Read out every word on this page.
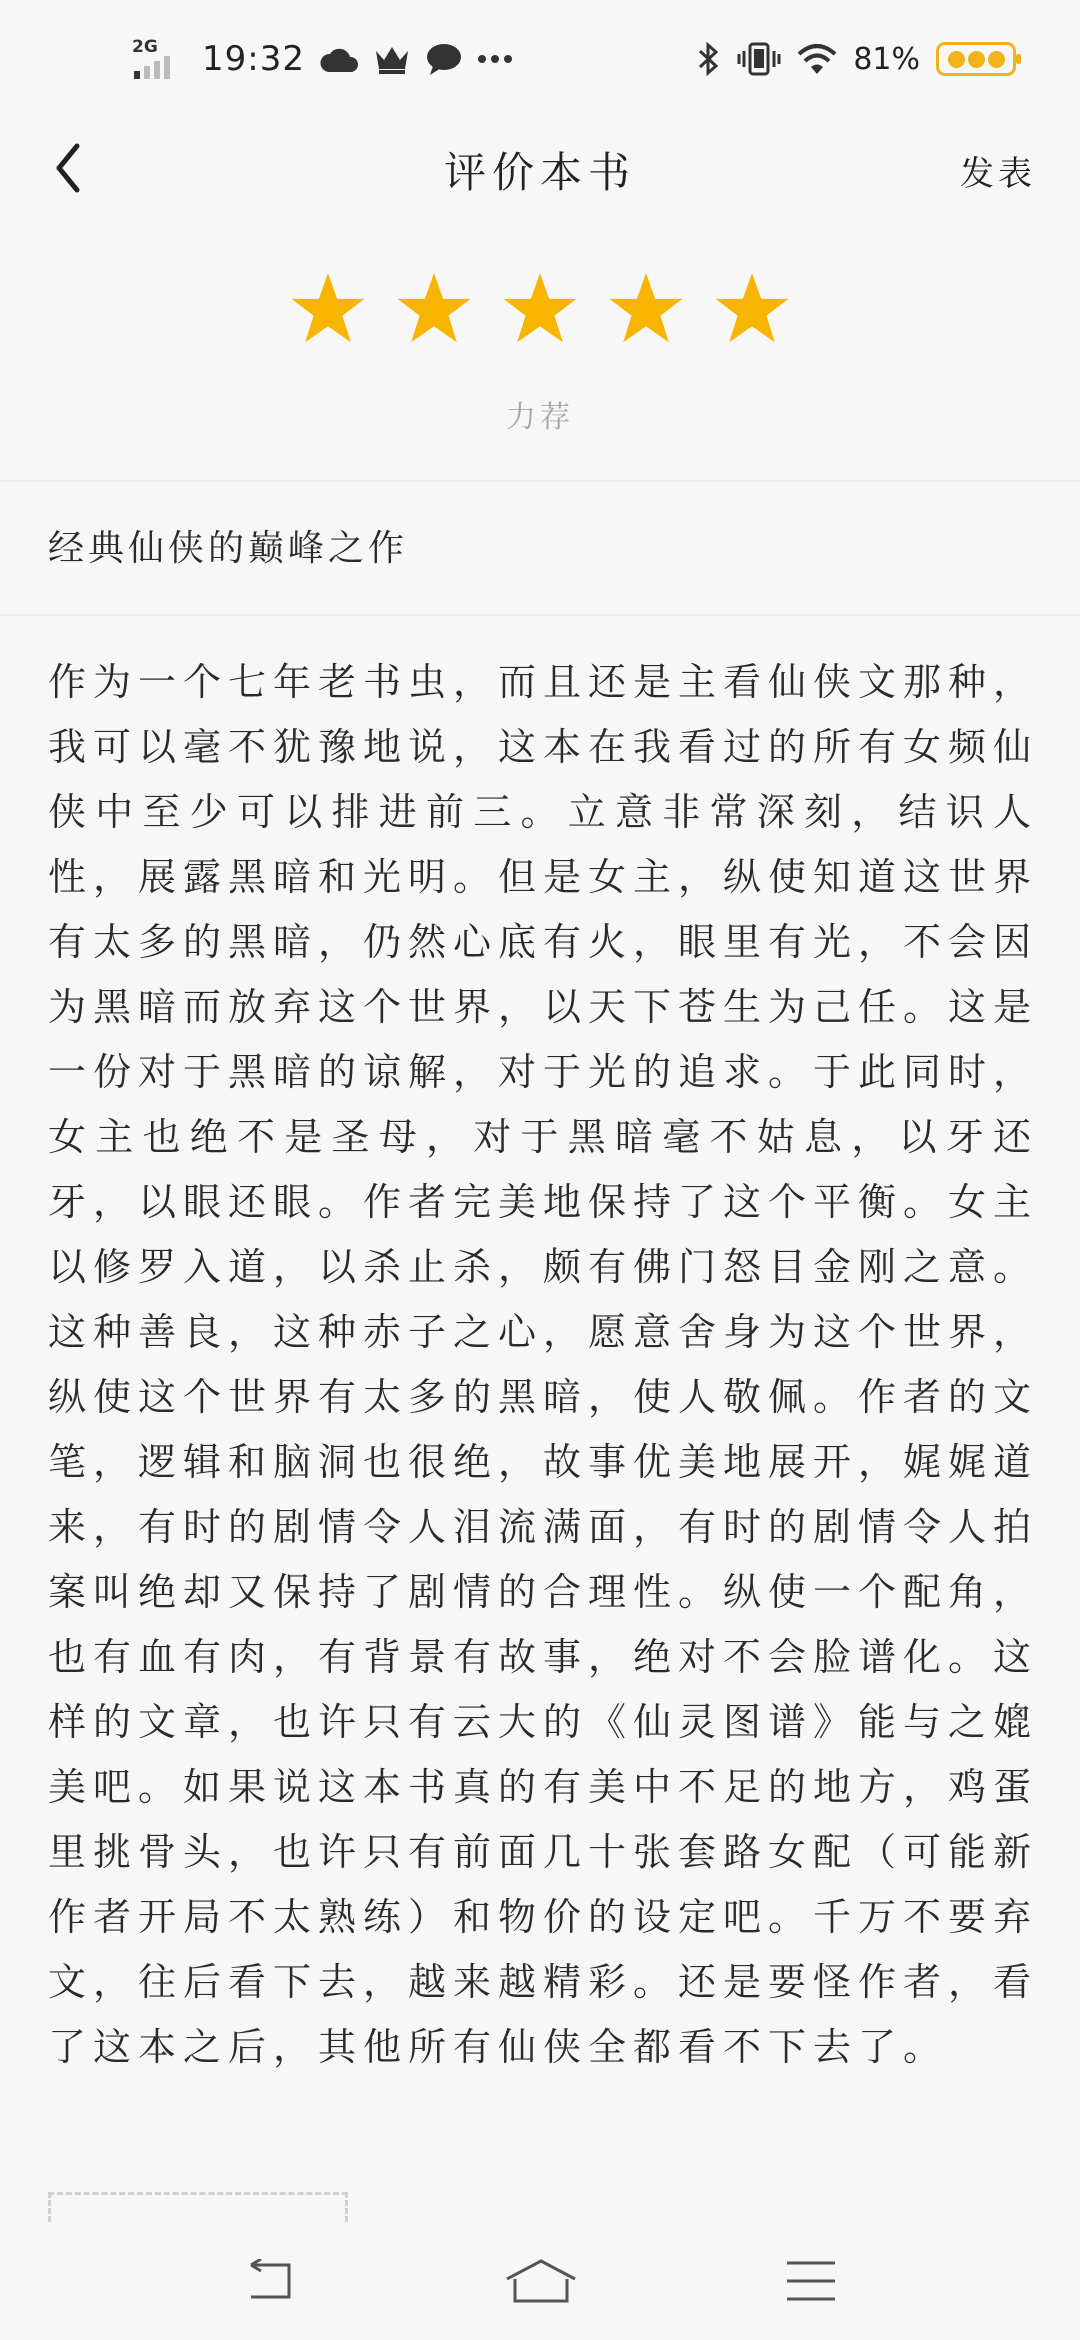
2G 19:32	81%
评价本书	发表
力荐
经典仙侠的巅峰之作
作为一个七年老书虫，而且还是主看仙侠文那种，我可以毫不犹豫地说，这本在我看过的所有女频仙侠中至少可以排进前三。立意非常深刻，结识人性，展露黑暗和光明。但是女主，纵使知道这世界有太多的黑暗，仍然心底有火，眼里有光，不会因为黑暗而放弃这个世界，以天下苍生为己任。这是一份对于黑暗的谅解，对于光的追求。于此同时，女主也绝不是圣母，对于黑暗毫不姑息，以牙还牙，以眼还眼。作者完美地保持了这个平衡。女主以修罗入道，以杀止杀，颇有佛门怒目金刚之意。这种善良，这种赤子之心，愿意舍身为这个世界，纵使这个世界有太多的黑暗，使人敬佩。作者的文笔，逻辑和脑洞也很绝，故事优美地展开，娓娓道来，有时的剧情令人泪流满面，有时的剧情令人拍案叫绝却又保持了剧情的合理性。纵使一个配角，也有血有肉，有背景有故事，绝对不会脸谱化。这样的文章，也许只有云大的《仙灵图谱》能与之媲美吧。如果说这本书真的有美中不足的地方，鸡蛋里挑骨头，也许只有前面几十张套路女配（可能新作者开局不太熟练）和物价的设定吧。千万不要弃文，往后看下去，越来越精彩。还是要怪作者，看了这本之后，其他所有仙侠全都看不下去了。
